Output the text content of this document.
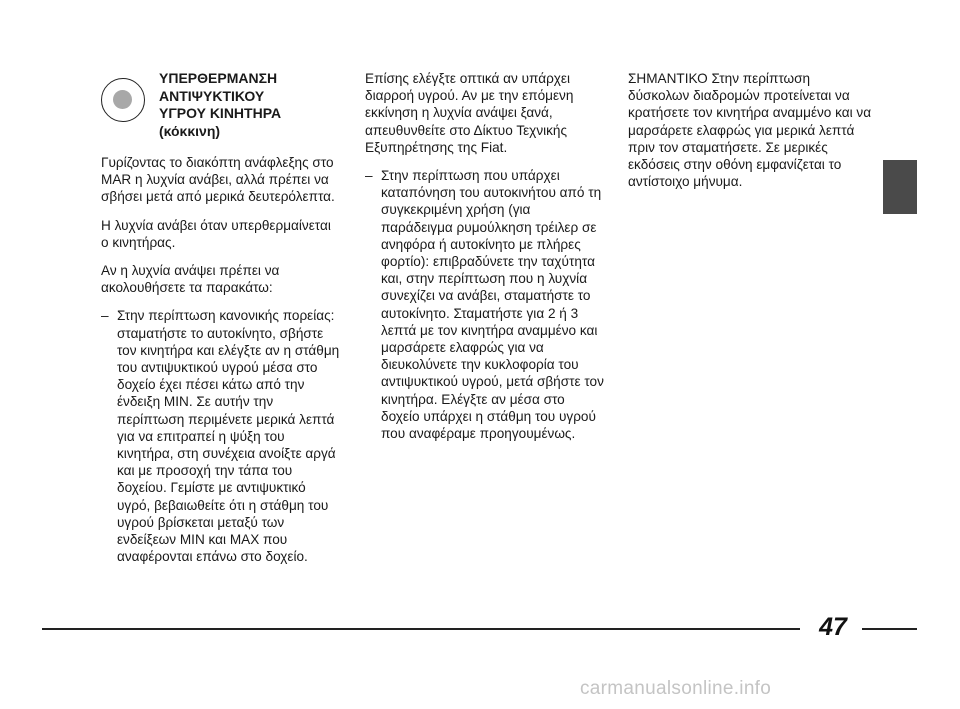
ΥΠΕΡΘΕΡΜΑΝΣΗ
ΑΝΤΙΨΥΚΤΙΚΟΥ
ΥΓΡΟΥ ΚΙΝΗΤΗΡΑ
(κόκκινη)

Γυρίζοντας το διακόπτη ανάφλεξης στο MAR η λυχνία ανάβει, αλλά πρέπει να σβήσει μετά από μερικά δευτερόλεπτα.

Η λυχνία ανάβει όταν υπερθερμαίνεται ο κινητήρας.

Αν η λυχνία ανάψει πρέπει να ακολουθήσετε τα παρακάτω:

– Στην περίπτωση κανονικής πορείας: σταματήστε το αυτοκίνητο, σβήστε τον κινητήρα και ελέγξτε αν η στάθμη του αντιψυκτικού υγρού μέσα στο δοχείο έχει πέσει κάτω από την ένδειξη MIN. Σε αυτήν την περίπτωση περιμένετε μερικά λεπτά για να επιτραπεί η ψύξη του κινητήρα, στη συνέχεια ανοίξτε αργά και με προσοχή την τάπα του δοχείου. Γεμίστε με αντιψυκτικό υγρό, βεβαιωθείτε ότι η στάθμη του υγρού βρίσκεται μεταξύ των ενδείξεων MIN και MAX που αναφέρονται επάνω στο δοχείο.

Επίσης ελέγξτε οπτικά αν υπάρχει διαρροή υγρού. Αν με την επόμενη εκκίνηση η λυχνία ανάψει ξανά, απευθυνθείτε στο Δίκτυο Τεχνικής Εξυπηρέτησης της Fiat.

– Στην περίπτωση που υπάρχει καταπόνηση του αυτοκινήτου από τη συγκεκριμένη χρήση (για παράδειγμα ρυμούλκηση τρέιλερ σε ανηφόρα ή αυτοκίνητο με πλήρες φορτίο): επιβραδύνετε την ταχύτητα και, στην περίπτωση που η λυχνία συνεχίζει να ανάβει, σταματήστε το αυτοκίνητο. Σταματήστε για 2 ή 3 λεπτά με τον κινητήρα αναμμένο και μαρσάρετε ελαφρώς για να διευκολύνετε την κυκλοφορία του αντιψυκτικού υγρού, μετά σβήστε τον κινητήρα. Ελέγξτε αν μέσα στο δοχείο υπάρχει η στάθμη του υγρού που αναφέραμε προηγουμένως.

ΣΗΜΑΝΤΙΚΟ Στην περίπτωση δύσκολων διαδρομών προτείνεται να κρατήσετε τον κινητήρα αναμμένο και να μαρσάρετε ελαφρώς για μερικά λεπτά πριν τον σταματήσετε. Σε μερικές εκδόσεις στην οθόνη εμφανίζεται το αντίστοιχο μήνυμα.

47
carmanualsonline.info
